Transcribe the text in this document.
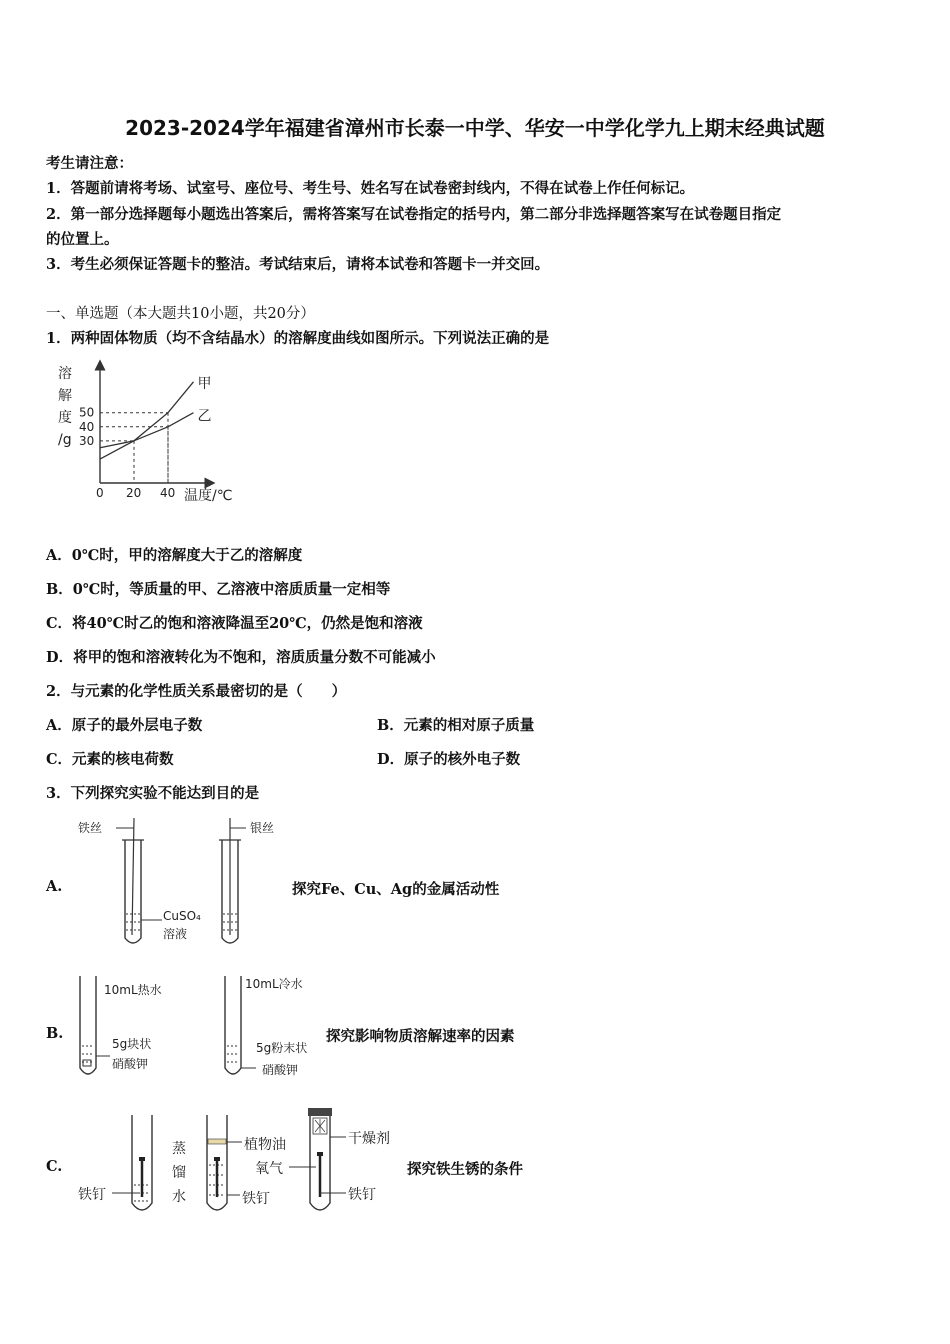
2023-2024学年福建省漳州市长泰一中学、华安一中学化学九上期末经典试题
考生请注意：
1．答题前请将考场、试室号、座位号、考生号、姓名写在试卷密封线内，不得在试卷上作任何标记。
2．第一部分选择题每小题选出答案后，需将答案写在试卷指定的括号内，第二部分非选择题答案写在试卷题目指定
的位置上。
3．考生必须保证答题卡的整洁。考试结束后，请将本试卷和答题卡一并交回。
一、单选题（本大题共10小题，共20分）
1．两种固体物质（均不含结晶水）的溶解度曲线如图所示。下列说法正确的是
甲
乙
0 20 40
30
40
50
溶
解
度
/g
温度/℃
A．0℃时，甲的溶解度大于乙的溶解度
B．0℃时，等质量的甲、乙溶液中溶质质量一定相等
C．将40℃时乙的饱和溶液降温至20℃，仍然是饱和溶液
D．将甲的饱和溶液转化为不饱和，溶质质量分数不可能减小
2．与元素的化学性质关系最密切的是（　　）
A．原子的最外层电子数	B．元素的相对原子质量
C．元素的核电荷数	D．原子的核外电子数
3．下列探究实验不能达到目的是
A.
铁丝
CuSO₄
溶液
银丝
探究Fe、Cu、Ag的金属活动性
B.
10mL热水
5g块状
硝酸钾
10mL冷水
5g粉末状
硝酸钾
探究影响物质溶解速率的因素
C.
铁钉
蒸
馏
水
植物油
铁钉
干燥剂
氧气
铁钉
探究铁生锈的条件
